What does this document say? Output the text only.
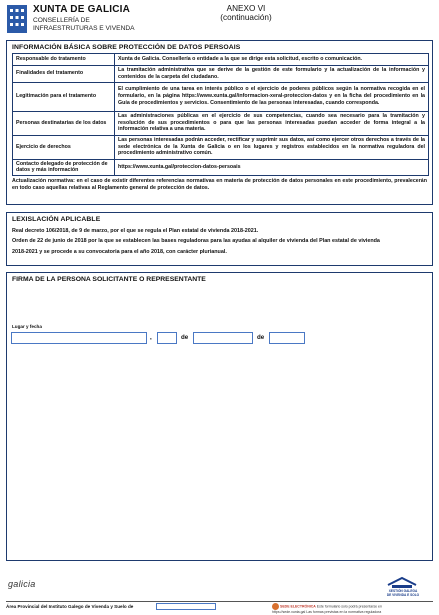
XUNTA DE GALICIA
CONSELLERÍA DE
INFRAESTRUTURAS E VIVENDA
ANEXO VI
(continuación)
INFORMACIÓN BÁSICA SOBRE PROTECCIÓN DE DATOS PERSOAIS
Responsable do tratamento	Xunta de Galicia. Consellería o entidade a la que se dirige esta solicitud, escrito o comunicación.
Finalidades del tratamento	La tramitación administrativa que se derive de la gestión de este formulario y la actualización de la información y contenidos de la carpeta del ciudadano.
Legitimación para el tratamento	El cumplimiento de una tarea en interés público o el ejercicio de poderes públicos según la normativa recogida en el formulario, en la página https://www.xunta.gal/informacion-xeral-proteccion-datos y en la ficha del procedimiento en la Guía de procedimientos y servicios. Consentimiento de las personas interesadas, cuando corresponda.
Personas destinatarias de los datos	Las administraciones públicas en el ejercicio de sus competencias, cuando sea necesario para la tramitación y resolución de sus procedimientos o para que las personas interesadas puedan acceder de forma integral a la información relativa a una materia.
Ejercicio de derechos	Las personas interesadas podrán acceder, rectificar y suprimir sus datos, así como ejercer otros derechos a través de la sede electrónica de la Xunta de Galicia o en los lugares y registros establecidos en la normativa reguladora del procedimiento administrativo común.
Contacto delegado de protección de datos y más información	https://www.xunta.gal/proteccion-datos-persoais
Actualización normativa: en el caso de existir diferentes referencias normativas en materia de protección de datos personales en este procedimiento, prevalecerán en todo caso aquellas relativas al Reglamento general de protección de datos.
LEXISLACIÓN APLICABLE
Real decreto 106/2018, de 9 de marzo, por el que se regula el Plan estatal de vivienda 2018-2021.
Orden de 22 de junio de 2018 por la que se establecen las bases reguladoras para las ayudas al alquiler de vivienda del Plan estatal de vivienda
2018-2021 y se procede a su convocatoria para el año 2018, con carácter plurianual.
FIRMA DE LA PERSONA SOLICITANTE O REPRESENTANTE
Lugar y fecha
,	de	de
galicia
XESTIÓN GALEGA
DE VIVENDA E SOLO
Área Provincial del Instituto Galego de Vivenda y Suelo de	SEDE ELECTRÓNICA Este formulario solo podrá presentarse en
https://sede.xunta.gal Las formas previstas en la normativa reguladora
